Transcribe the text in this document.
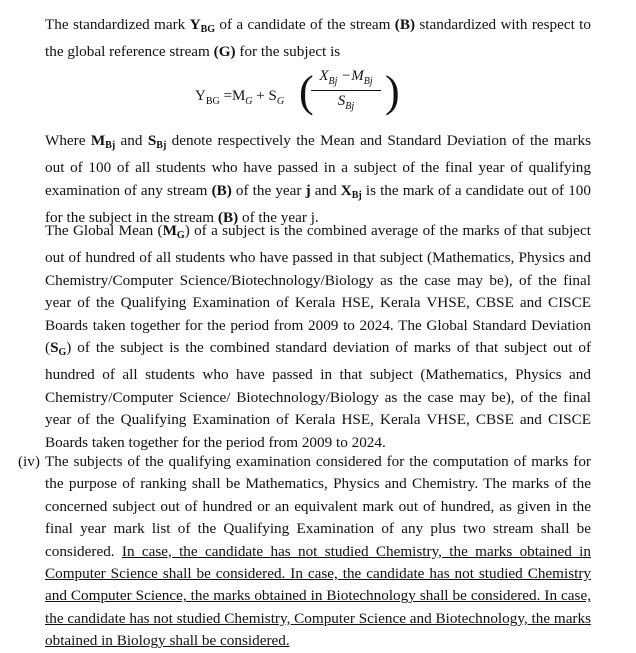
The standardized mark $Y_{BG}$ of a candidate of the stream (B) standardized with respect to the global reference stream (G) for the subject is

$Y_{BG} =M_G + S_G$ ( $X_{Bj} -M_{Bj}$
$S_{Bj}$ )

Where $M_{Bj}$ and $S_{Bj}$ denote respectively the Mean and Standard Deviation of the marks out of 100 of all students who have passed in a subject of the final year of qualifying examination of any stream (B) of the year j and $X_{Bj}$ is the mark of a candidate out of 100 for the subject in the stream (B) of the year j.

The Global Mean $(M_G)$ of a subject is the combined average of the marks of that subject out of hundred of all students who have passed in that subject (Mathematics, Physics and Chemistry/Computer Science/Biotechnology/Biology as the case may be), of the final year of the Qualifying Examination of Kerala HSE, Kerala VHSE, CBSE and CISCE Boards taken together for the period from 2009 to 2024. The Global Standard Deviation $(S_G)$ of the subject is the combined standard deviation of marks of that subject out of hundred of all students who have passed in that subject (Mathematics, Physics and Chemistry/Computer Science/ Biotechnology/Biology as the case may be), of the final year of the Qualifying Examination of Kerala HSE, Kerala VHSE, CBSE and CISCE Boards taken together for the period from 2009 to 2024.

(iv) The subjects of the qualifying examination considered for the computation of marks for the purpose of ranking shall be Mathematics, Physics and Chemistry. The marks of the concerned subject out of hundred or an equivalent mark out of hundred, as given in the final year mark list of the Qualifying Examination of any plus two stream shall be considered. In case, the candidate has not studied Chemistry, the marks obtained in Computer Science shall be considered. In case, the candidate has not studied Chemistry and Computer Science, the marks obtained in Biotechnology shall be considered. In case, the candidate has not studied Chemistry, Computer Science and Biotechnology, the marks obtained in Biology shall be considered.
